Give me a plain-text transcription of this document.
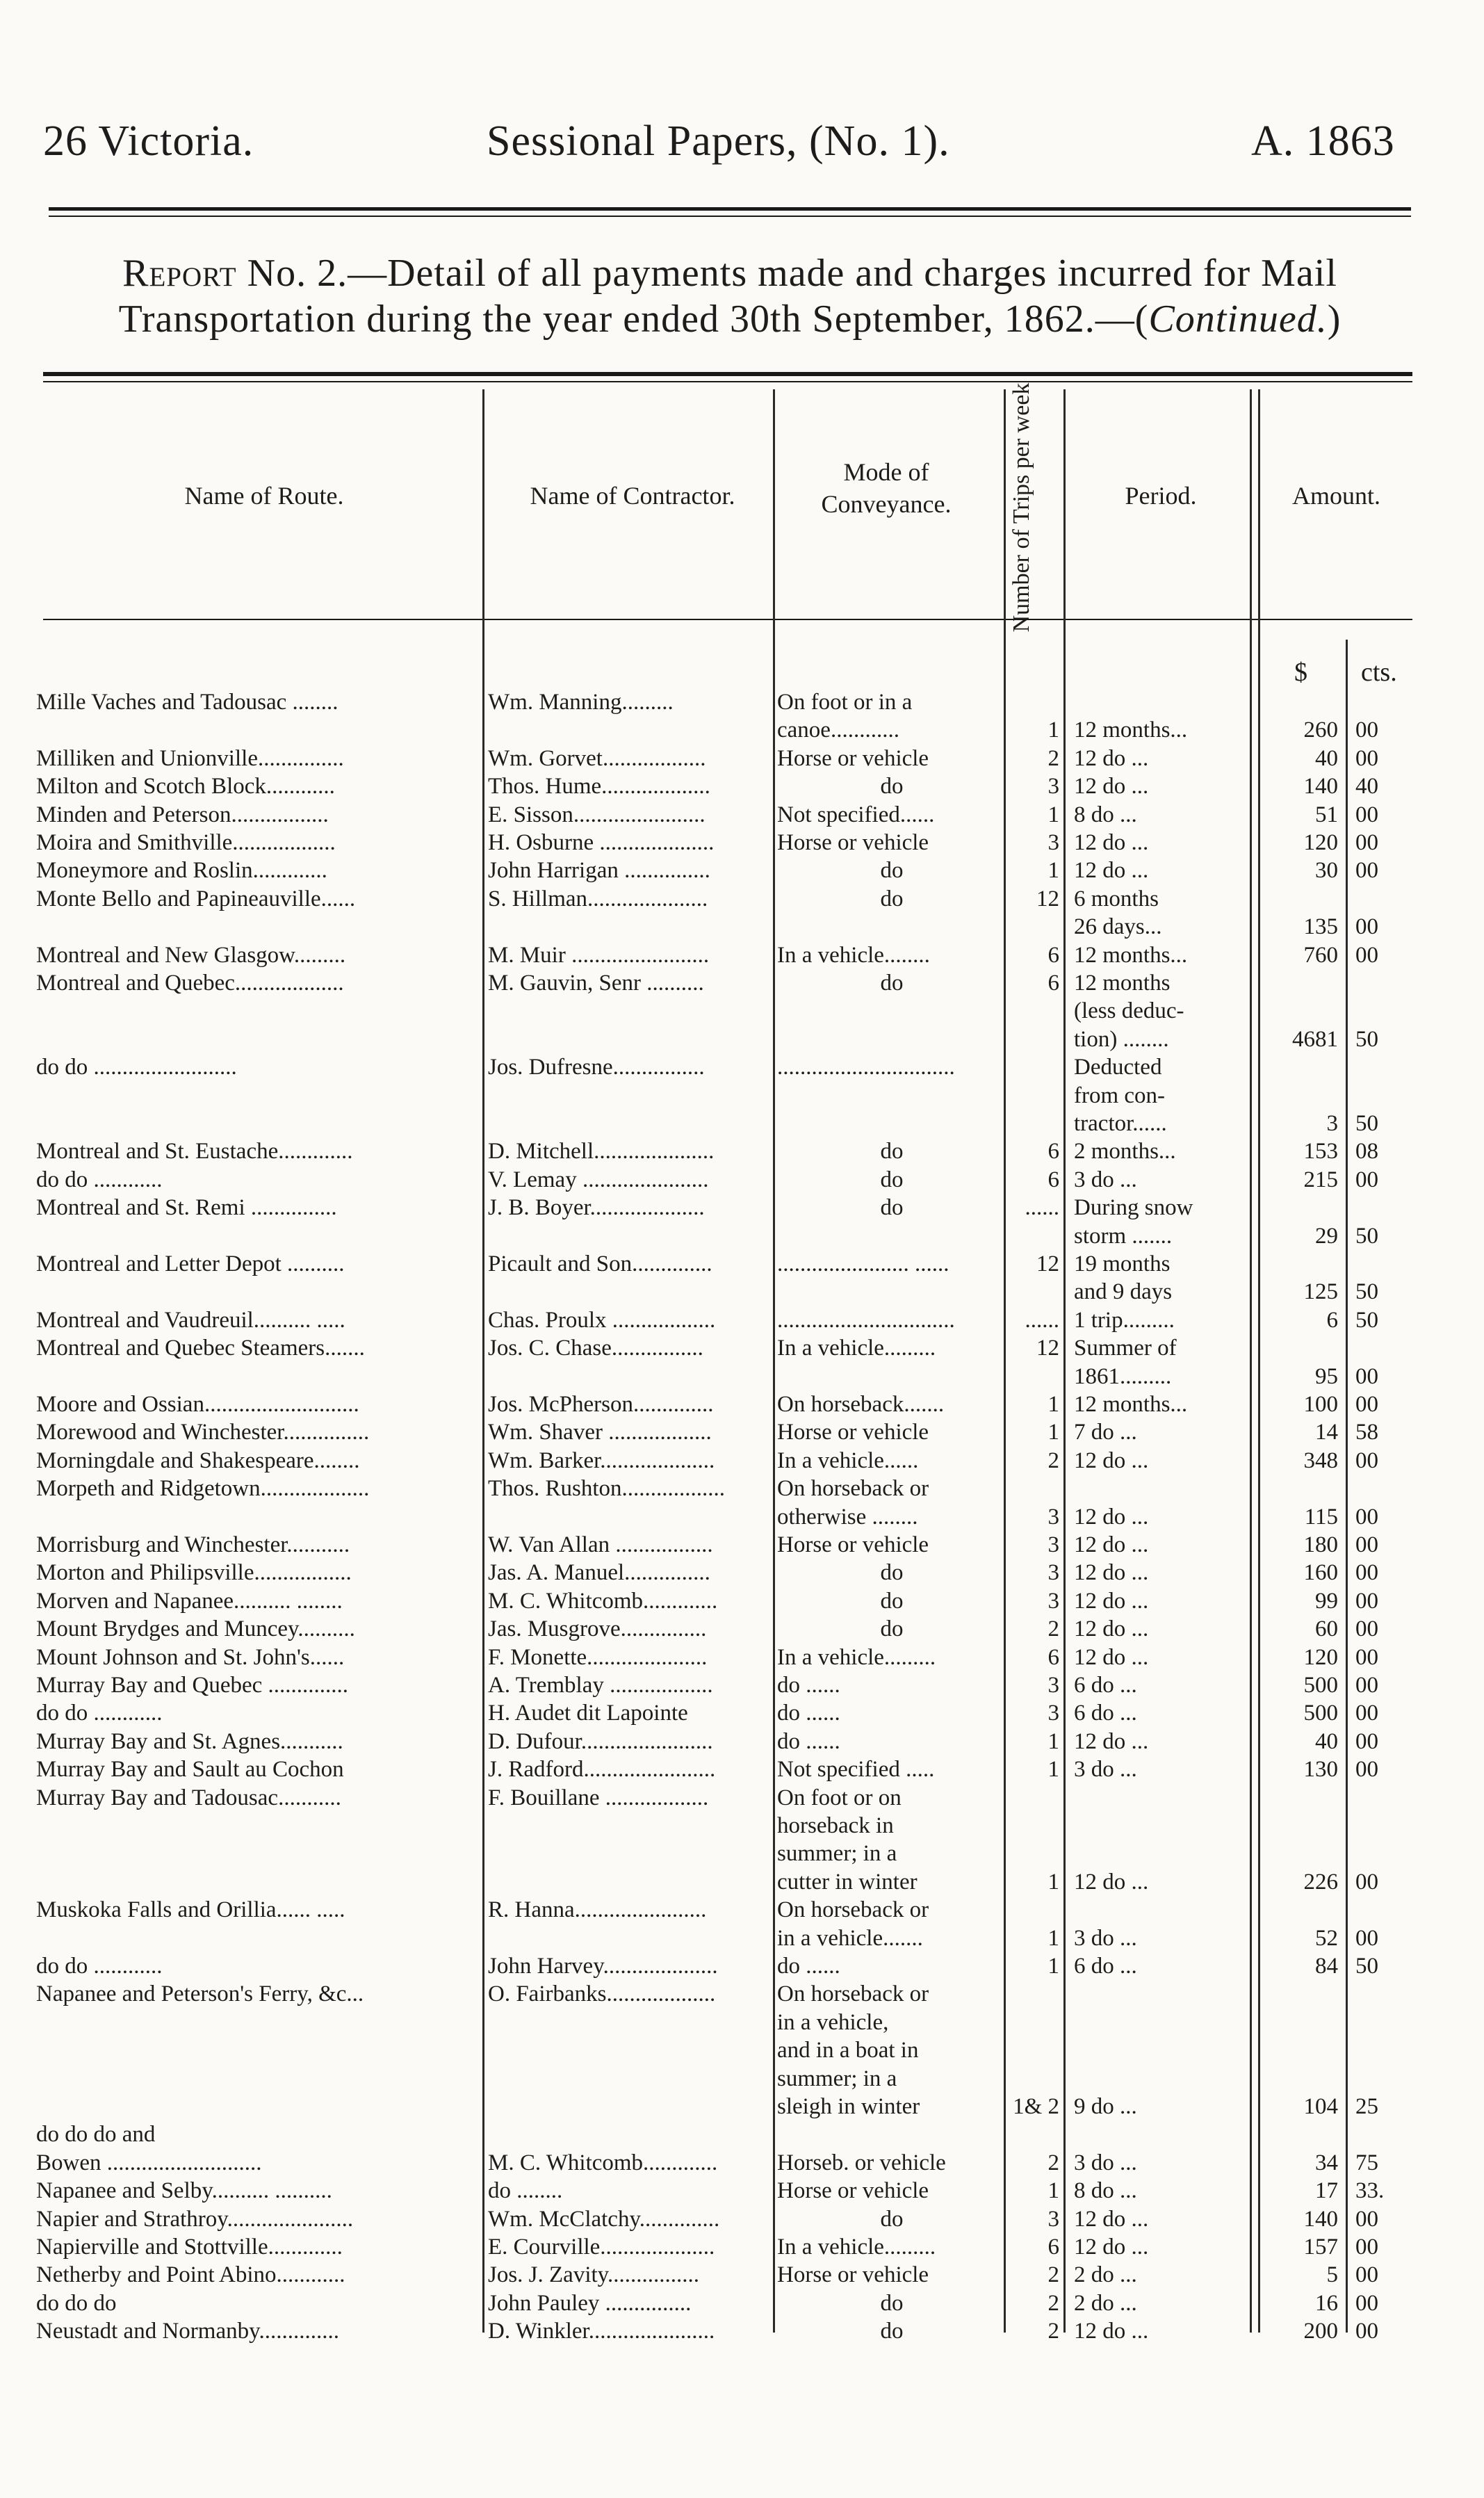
26 Victoria.	Sessional Papers, (No. 1).	A. 1863
Report No. 2.—Detail of all payments made and charges incurred for Mail
Transportation during the year ended 30th September, 1862.—(Continued.)
Name of Route.	Name of Contractor.
Mode of Conveyance.	Number of Trips per week	Period.	Amount.
$ cts.
Mille Vaches and Tadousac ........	Wm. Manning.........	On foot or in a
canoe............	1 12 months...	260 00
Milliken and Unionville...............	Wm. Gorvet..................	Horse or vehicle	2 12 do ...	40 00
Milton and Scotch Block............	Thos. Hume...................	do	3 12 do ...	140 40
Minden and Peterson.................	E. Sisson.......................	Not specified......	1 8 do ...	51 00
Moira and Smithville..................	H. Osburne ....................	Horse or vehicle	3 12 do ...	120 00
Moneymore and Roslin.............	John Harrigan ...............	do	1 12 do ...	30 00
Monte Bello and Papineauville......	S. Hillman.....................	do	12 6 months
26 days...	135 00
Montreal and New Glasgow.........	M. Muir ........................	In a vehicle........	6 12 months...	760 00
Montreal and Quebec...................	M. Gauvin, Senr ..........	do	6 12 months
(less deduc-
tion) ........	4681 50
do do .........................	Jos. Dufresne................	...............................	Deducted
from con-
tractor......	3 50
Montreal and St. Eustache.............	D. Mitchell.....................	do	6 2 months...	153 08
do do ............	V. Lemay ......................	do	6 3 do ...	215 00
Montreal and St. Remi ...............	J. B. Boyer....................	do	...... During snow
storm .......	29 50
Montreal and Letter Depot ..........	Picault and Son..............	....................... ......	12 19 months
and 9 days	125 50
Montreal and Vaudreuil.......... .....	Chas. Proulx ..................	...............................	...... 1 trip.........	6 50
Montreal and Quebec Steamers.......	Jos. C. Chase................	In a vehicle.........	12 Summer of
1861.........	95 00
Moore and Ossian...........................	Jos. McPherson..............	On horseback.......	1 12 months...	100 00
Morewood and Winchester...............	Wm. Shaver ..................	Horse or vehicle	1 7 do ...	14 58
Morningdale and Shakespeare........	Wm. Barker....................	In a vehicle......	2 12 do ...	348 00
Morpeth and Ridgetown...................	Thos. Rushton..................	On horseback or
otherwise ........	3 12 do ...	115 00
Morrisburg and Winchester...........	W. Van Allan .................	Horse or vehicle	3 12 do ...	180 00
Morton and Philipsville.................	Jas. A. Manuel...............	do	3 12 do ...	160 00
Morven and Napanee.......... ........	M. C. Whitcomb.............	do	3 12 do ...	99 00
Mount Brydges and Muncey..........	Jas. Musgrove...............	do	2 12 do ...	60 00
Mount Johnson and St. John's......	F. Monette.....................	In a vehicle.........	6 12 do ...	120 00
Murray Bay and Quebec ..............	A. Tremblay ..................	do ......	3 6 do ...	500 00
do do ............	H. Audet dit Lapointe	do ......	3 6 do ...	500 00
Murray Bay and St. Agnes...........	D. Dufour.......................	do ......	1 12 do ...	40 00
Murray Bay and Sault au Cochon	J. Radford.......................	Not specified .....	1 3 do ...	130 00
Murray Bay and Tadousac...........	F. Bouillane ..................	On foot or on
horseback in
summer; in a
cutter in winter	1 12 do ...	226 00
Muskoka Falls and Orillia...... .....	R. Hanna.......................	On horseback or
in a vehicle.......	1 3 do ...	52 00
do do ............	John Harvey....................	do ......	1 6 do ...	84 50
Napanee and Peterson's Ferry, &c...	O. Fairbanks...................	On horseback or
in a vehicle,
and in a boat in
summer; in a
sleigh in winter	1& 2 9 do ...	104 25
do do do and
Bowen ...........................	M. C. Whitcomb.............	Horseb. or vehicle	2 3 do ...	34 75
Napanee and Selby.......... ..........	do ........	Horse or vehicle	1 8 do ...	17 33.
Napier and Strathroy......................	Wm. McClatchy..............	do	3 12 do ...	140 00
Napierville and Stottville.............	E. Courville....................	In a vehicle.........	6 12 do ...	157 00
Netherby and Point Abino............	Jos. J. Zavity................	Horse or vehicle	2 2 do ...	5 00
do do do	John Pauley ...............	do	2 2 do ...	16 00
Neustadt and Normanby..............	D. Winkler......................	do	2 12 do ...	200 00
